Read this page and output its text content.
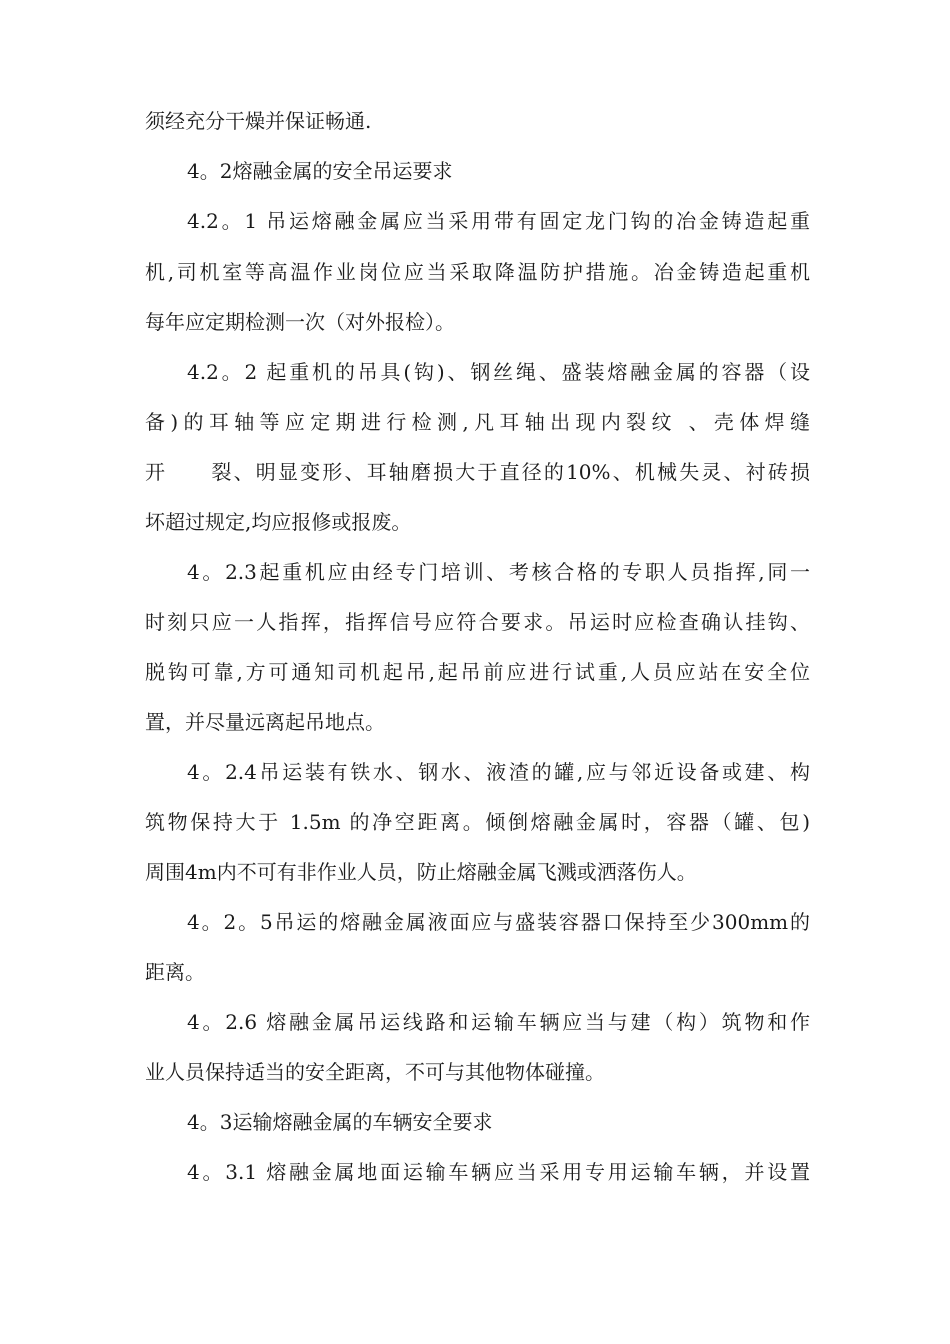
须经充分干燥并保证畅通.
4。2熔融金属的安全吊运要求
4.2。1 吊运熔融金属应当采用带有固定龙门钩的冶金铸造起重
机,司机室等高温作业岗位应当采取降温防护措施。冶金铸造起重机
每年应定期检测一次（对外报检）。
4.2。2 起重机的吊具(钩)、钢丝绳、盛装熔融金属的容器（设
备)的耳轴等应定期进行检测,凡耳轴出现内裂纹 、壳体焊缝
开　　裂、明显变形、耳轴磨损大于直径的10%、机械失灵、衬砖损
坏超过规定,均应报修或报废。
4。2.3起重机应由经专门培训、考核合格的专职人员指挥,同一
时刻只应一人指挥，指挥信号应符合要求。吊运时应检查确认挂钩、
脱钩可靠,方可通知司机起吊,起吊前应进行试重,人员应站在安全位
置，并尽量远离起吊地点。
4。2.4吊运装有铁水、钢水、液渣的罐,应与邻近设备或建、构
筑物保持大于 1.5m 的净空距离。倾倒熔融金属时，容器（罐、包)
周围4m内不可有非作业人员，防止熔融金属飞溅或洒落伤人。
4。2。5吊运的熔融金属液面应与盛装容器口保持至少300mm的
距离。
4。2.6 熔融金属吊运线路和运输车辆应当与建（构）筑物和作
业人员保持适当的安全距离，不可与其他物体碰撞。
4。3运输熔融金属的车辆安全要求
4。3.1 熔融金属地面运输车辆应当采用专用运输车辆，并设置
